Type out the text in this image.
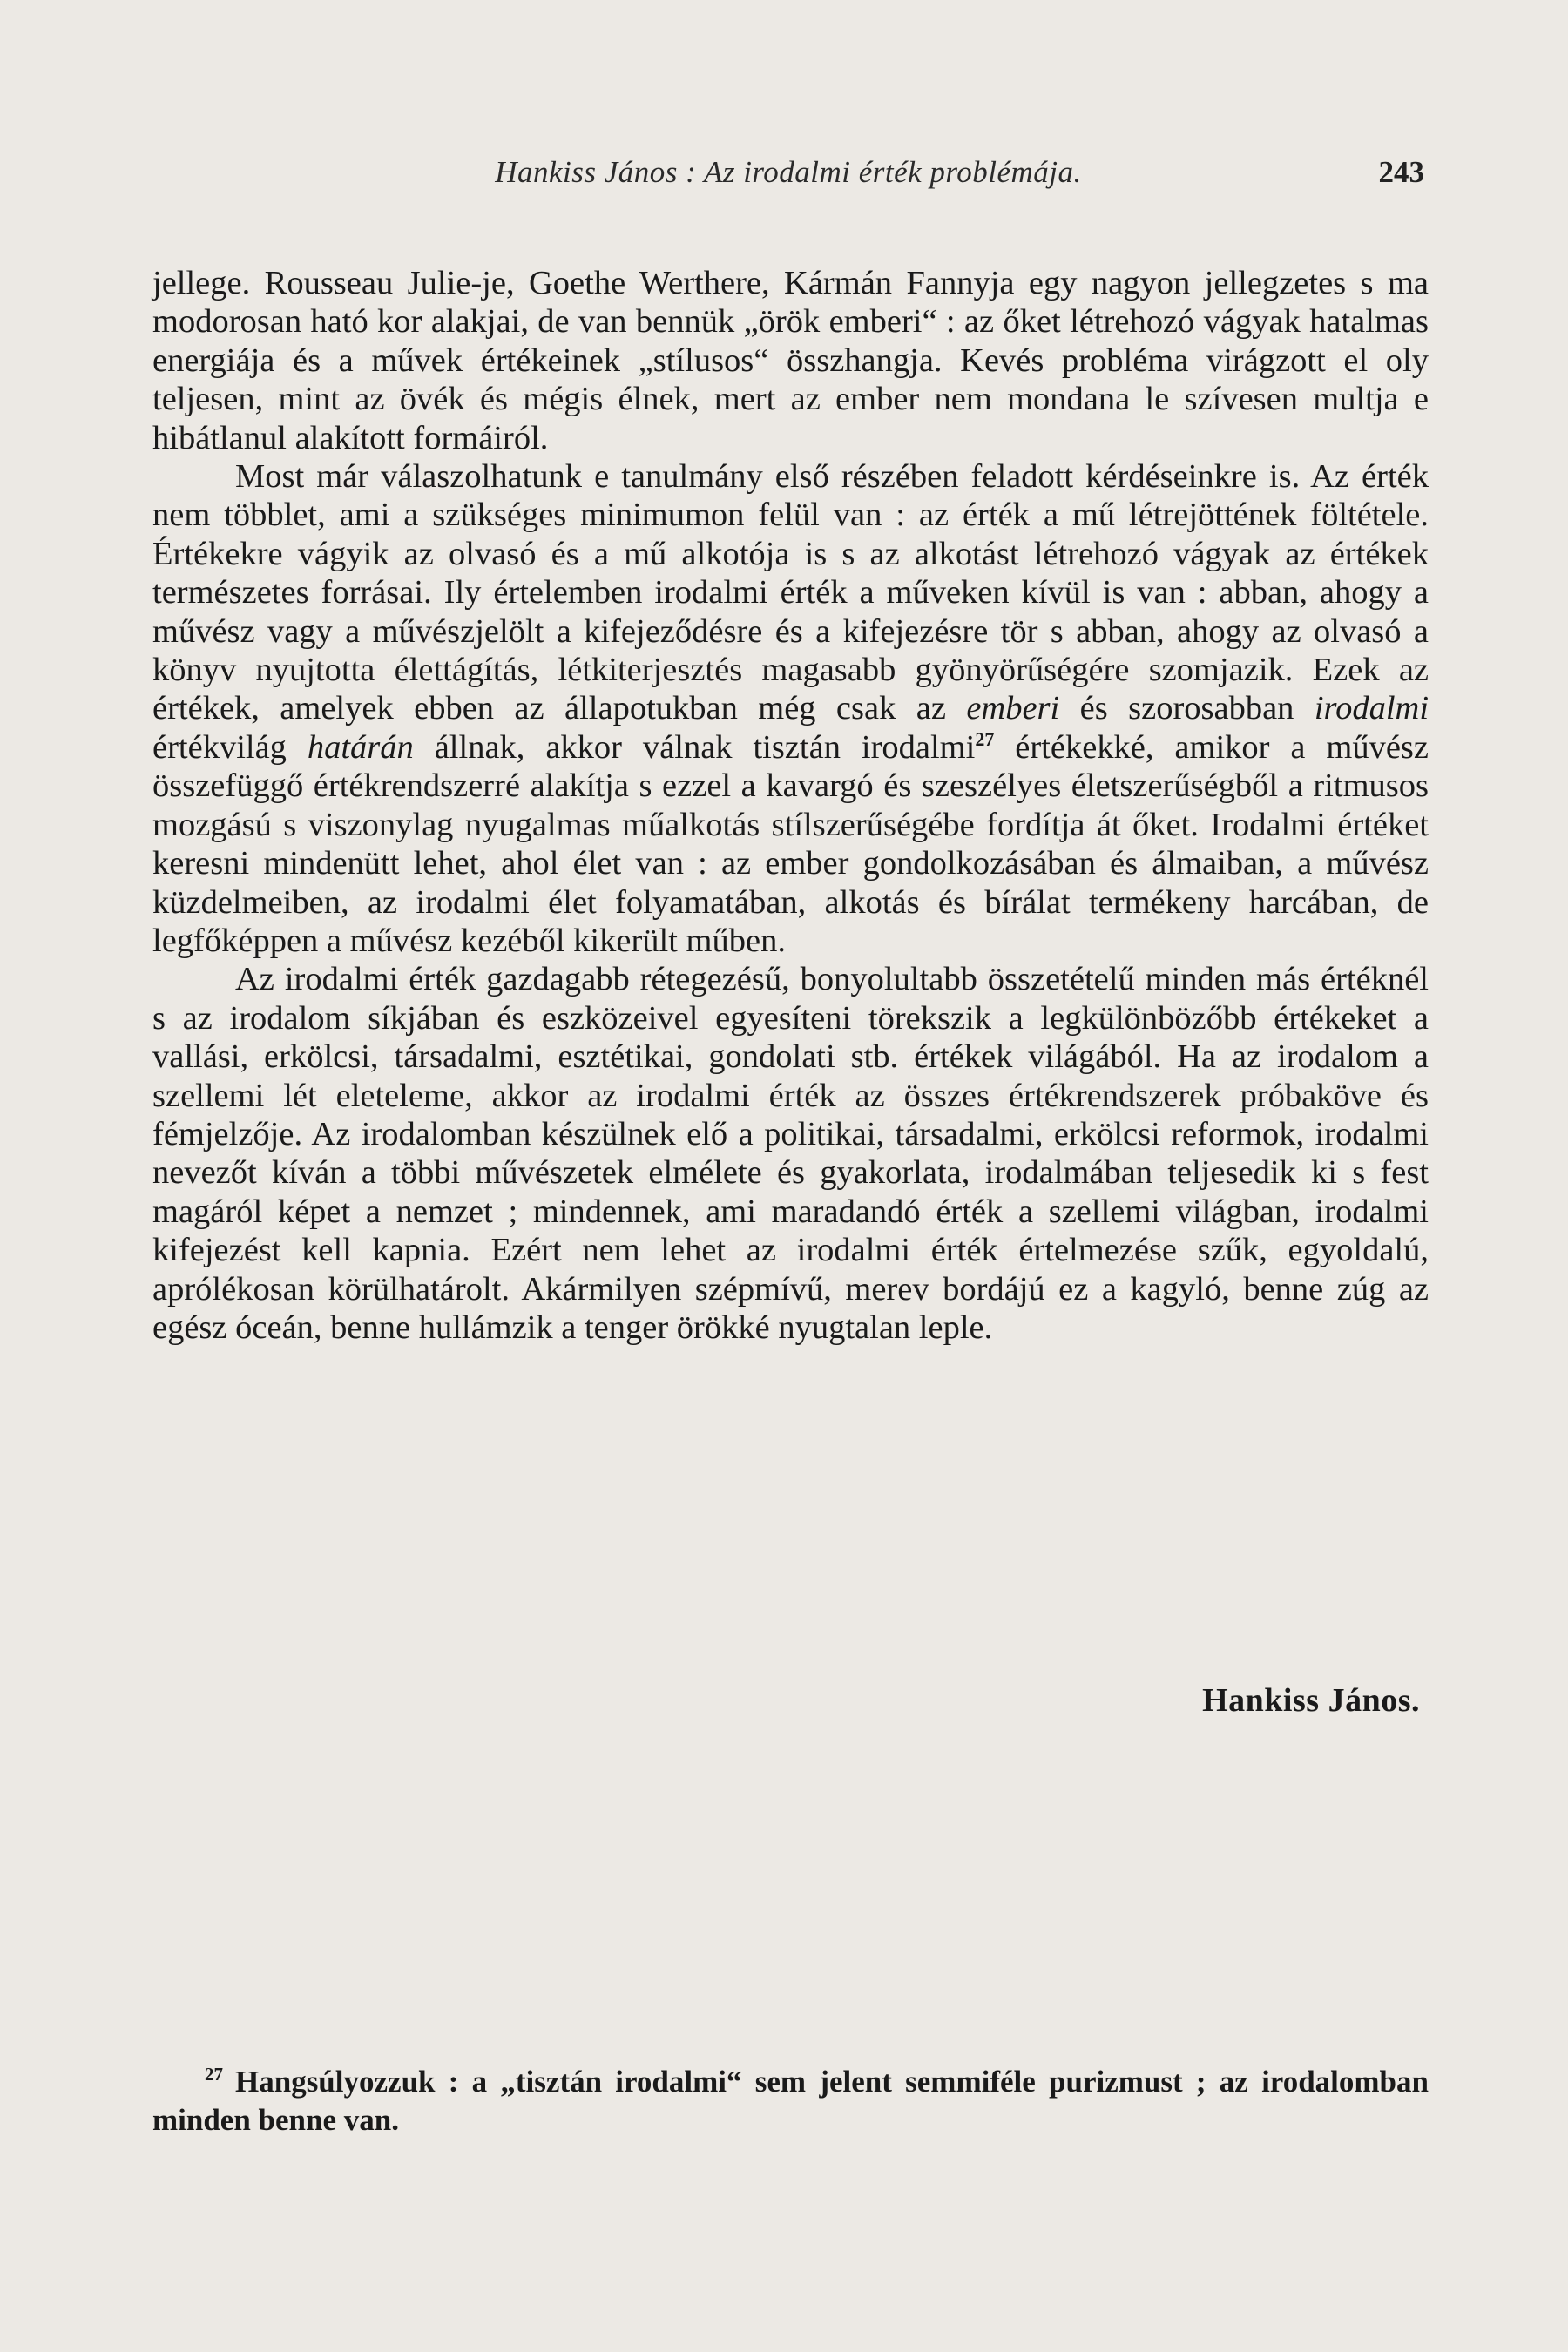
Hankiss János : Az irodalmi érték problémája.	243

jellege. Rousseau Julie-je, Goethe Werthere, Kármán Fannyja egy nagyon jellegzetes s ma modorosan ható kor alakjai, de van bennük „örök emberi“ : az őket létrehozó vágyak hatalmas energiája és a művek értékeinek „stílusos“ összhangja. Kevés probléma virágzott el oly teljesen, mint az övék és mégis élnek, mert az ember nem mondana le szívesen multja e hibátlanul alakított formáiról.

Most már válaszolhatunk e tanulmány első részében feladott kérdéseinkre is. Az érték nem többlet, ami a szükséges minimumon felül van : az érték a mű létrejöttének föltétele. Értékekre vágyik az olvasó és a mű alkotója is s az alkotást létrehozó vágyak az értékek természetes forrásai. Ily értelemben irodalmi érték a műveken kívül is van : abban, ahogy a művész vagy a művészjelölt a kifejeződésre és a kifejezésre tör s abban, ahogy az olvasó a könyv nyujtotta élettágítás, létkiterjesztés magasabb gyönyörűségére szomjazik. Ezek az értékek, amelyek ebben az állapotukban még csak az emberi és szorosabban irodalmi értékvilág határán állnak, akkor válnak tisztán irodalmi$^{27}$ értékekké, amikor a művész összefüggő értékrendszerré alakítja s ezzel a kavargó és szeszélyes életszerűségből a ritmusos mozgású s viszonylag nyugalmas műalkotás stílszerűségébe fordítja át őket. Irodalmi értéket keresni mindenütt lehet, ahol élet van : az ember gondolkozásában és álmaiban, a művész küzdelmeiben, az irodalmi élet folyamatában, alkotás és bírálat termékeny harcában, de legfőképpen a művész kezéből kikerült műben.

Az irodalmi érték gazdagabb rétegezésű, bonyolultabb összetételű minden más értéknél s az irodalom síkjában és eszközeivel egyesíteni törekszik a legkülönbözőbb értékeket a vallási, erkölcsi, társadalmi, esztétikai, gondolati stb. értékek világából. Ha az irodalom a szellemi lét eleteleme, akkor az irodalmi érték az összes értékrendszerek próbaköve és fémjelzője. Az irodalomban készülnek elő a politikai, társadalmi, erkölcsi reformok, irodalmi nevezőt kíván a többi művészetek elmélete és gyakorlata, irodalmában teljesedik ki s fest magáról képet a nemzet ; mindennek, ami maradandó érték a szellemi világban, irodalmi kifejezést kell kapnia. Ezért nem lehet az irodalmi érték értelmezése szűk, egyoldalú, aprólékosan körülhatárolt. Akármilyen szépmívű, merev bordájú ez a kagyló, benne zúg az egész óceán, benne hullámzik a tenger örökké nyugtalan leple.

Hankiss János.
$^{27}$ Hangsúlyozzuk : a „tisztán irodalmi“ sem jelent semmiféle purizmust ; az irodalomban minden benne van.
